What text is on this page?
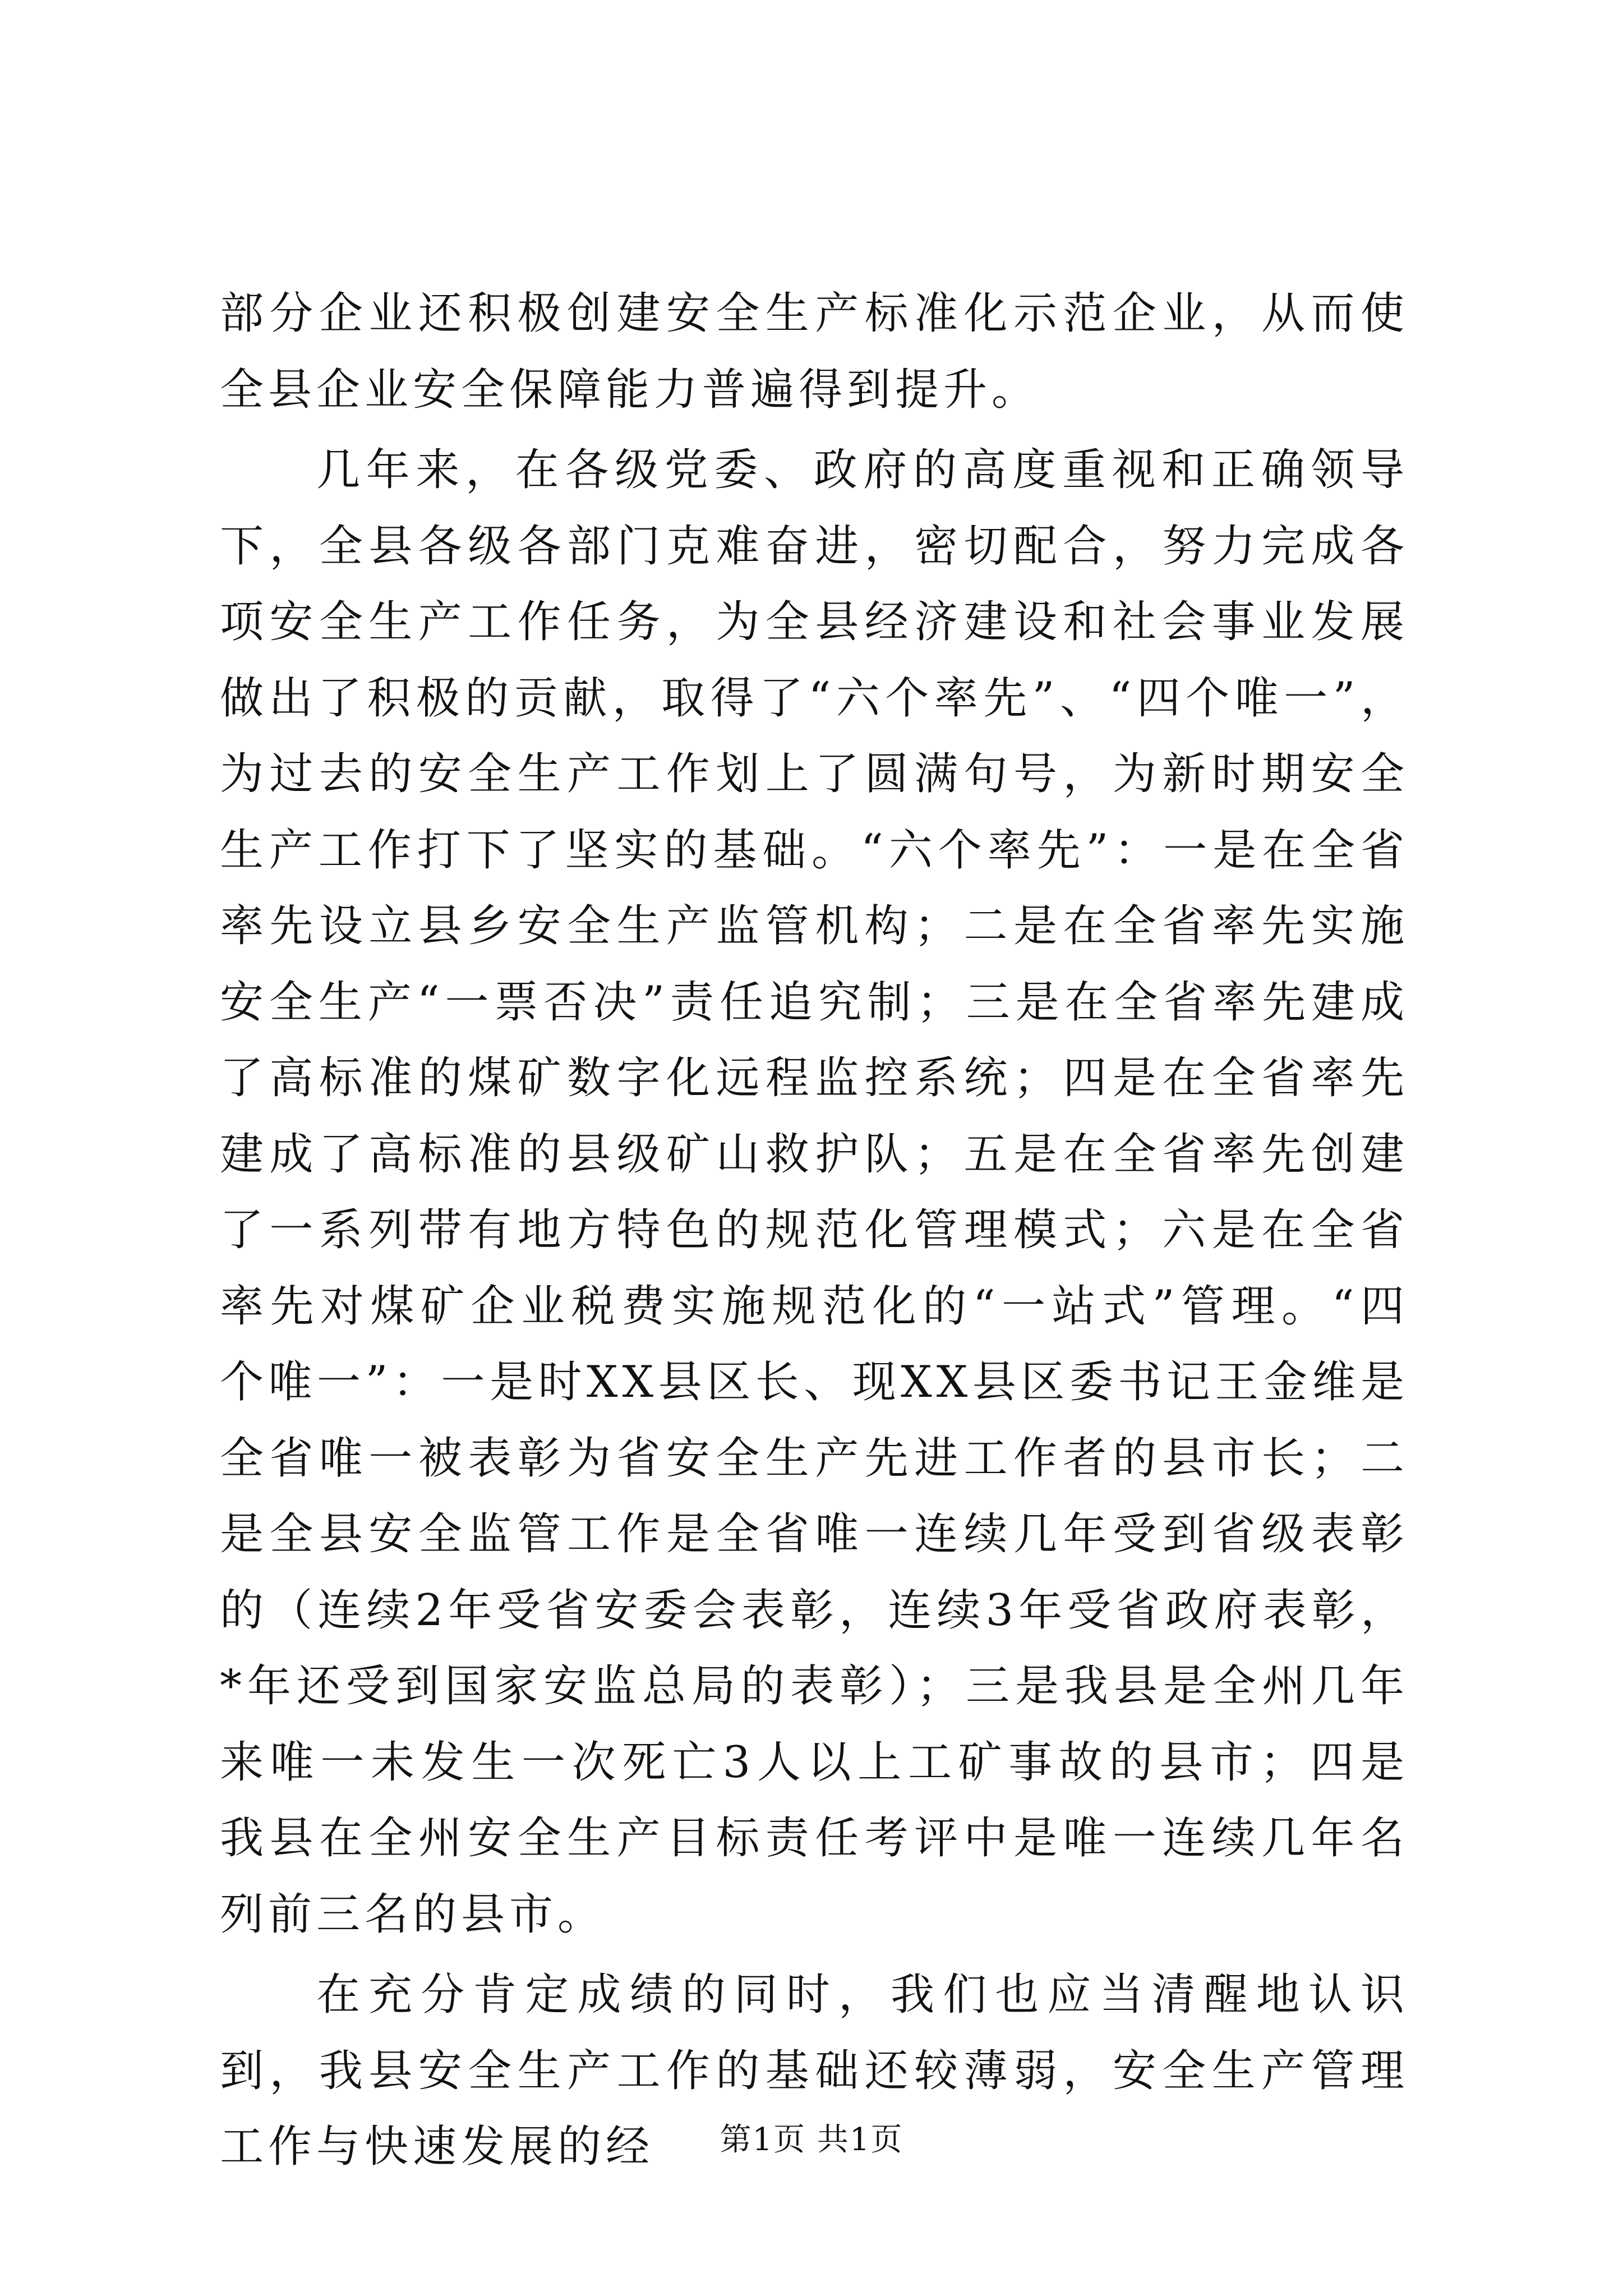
部分企业还积极创建安全生产标准化示范企业，从而使全县企业安全保障能力普遍得到提升。

几年来，在各级党委、政府的高度重视和正确领导下，全县各级各部门克难奋进，密切配合，努力完成各项安全生产工作任务，为全县经济建设和社会事业发展做出了积极的贡献，取得了“六个率先”、“四个唯一”，为过去的安全生产工作划上了圆满句号，为新时期安全生产工作打下了坚实的基础。“六个率先”：一是在全省率先设立县乡安全生产监管机构；二是在全省率先实施安全生产“一票否决”责任追究制；三是在全省率先建成了高标准的煤矿数字化远程监控系统；四是在全省率先建成了高标准的县级矿山救护队；五是在全省率先创建了一系列带有地方特色的规范化管理模式；六是在全省率先对煤矿企业税费实施规范化的“一站式”管理。“四个唯一”：一是时XX县区长、现XX县区委书记王金维是全省唯一被表彰为省安全生产先进工作者的县市长；二是全县安全监管工作是全省唯一连续几年受到省级表彰的（连续2年受省安委会表彰，连续3年受省政府表彰，*年还受到国家安监总局的表彰）；三是我县是全州几年来唯一未发生一次死亡3人以上工矿事故的县市；四是我县在全州安全生产目标责任考评中是唯一连续几年名列前三名的县市。

在充分肯定成绩的同时，我们也应当清醒地认识到，我县安全生产工作的基础还较薄弱，安全生产管理工作与快速发展的经	第1页 共1页
